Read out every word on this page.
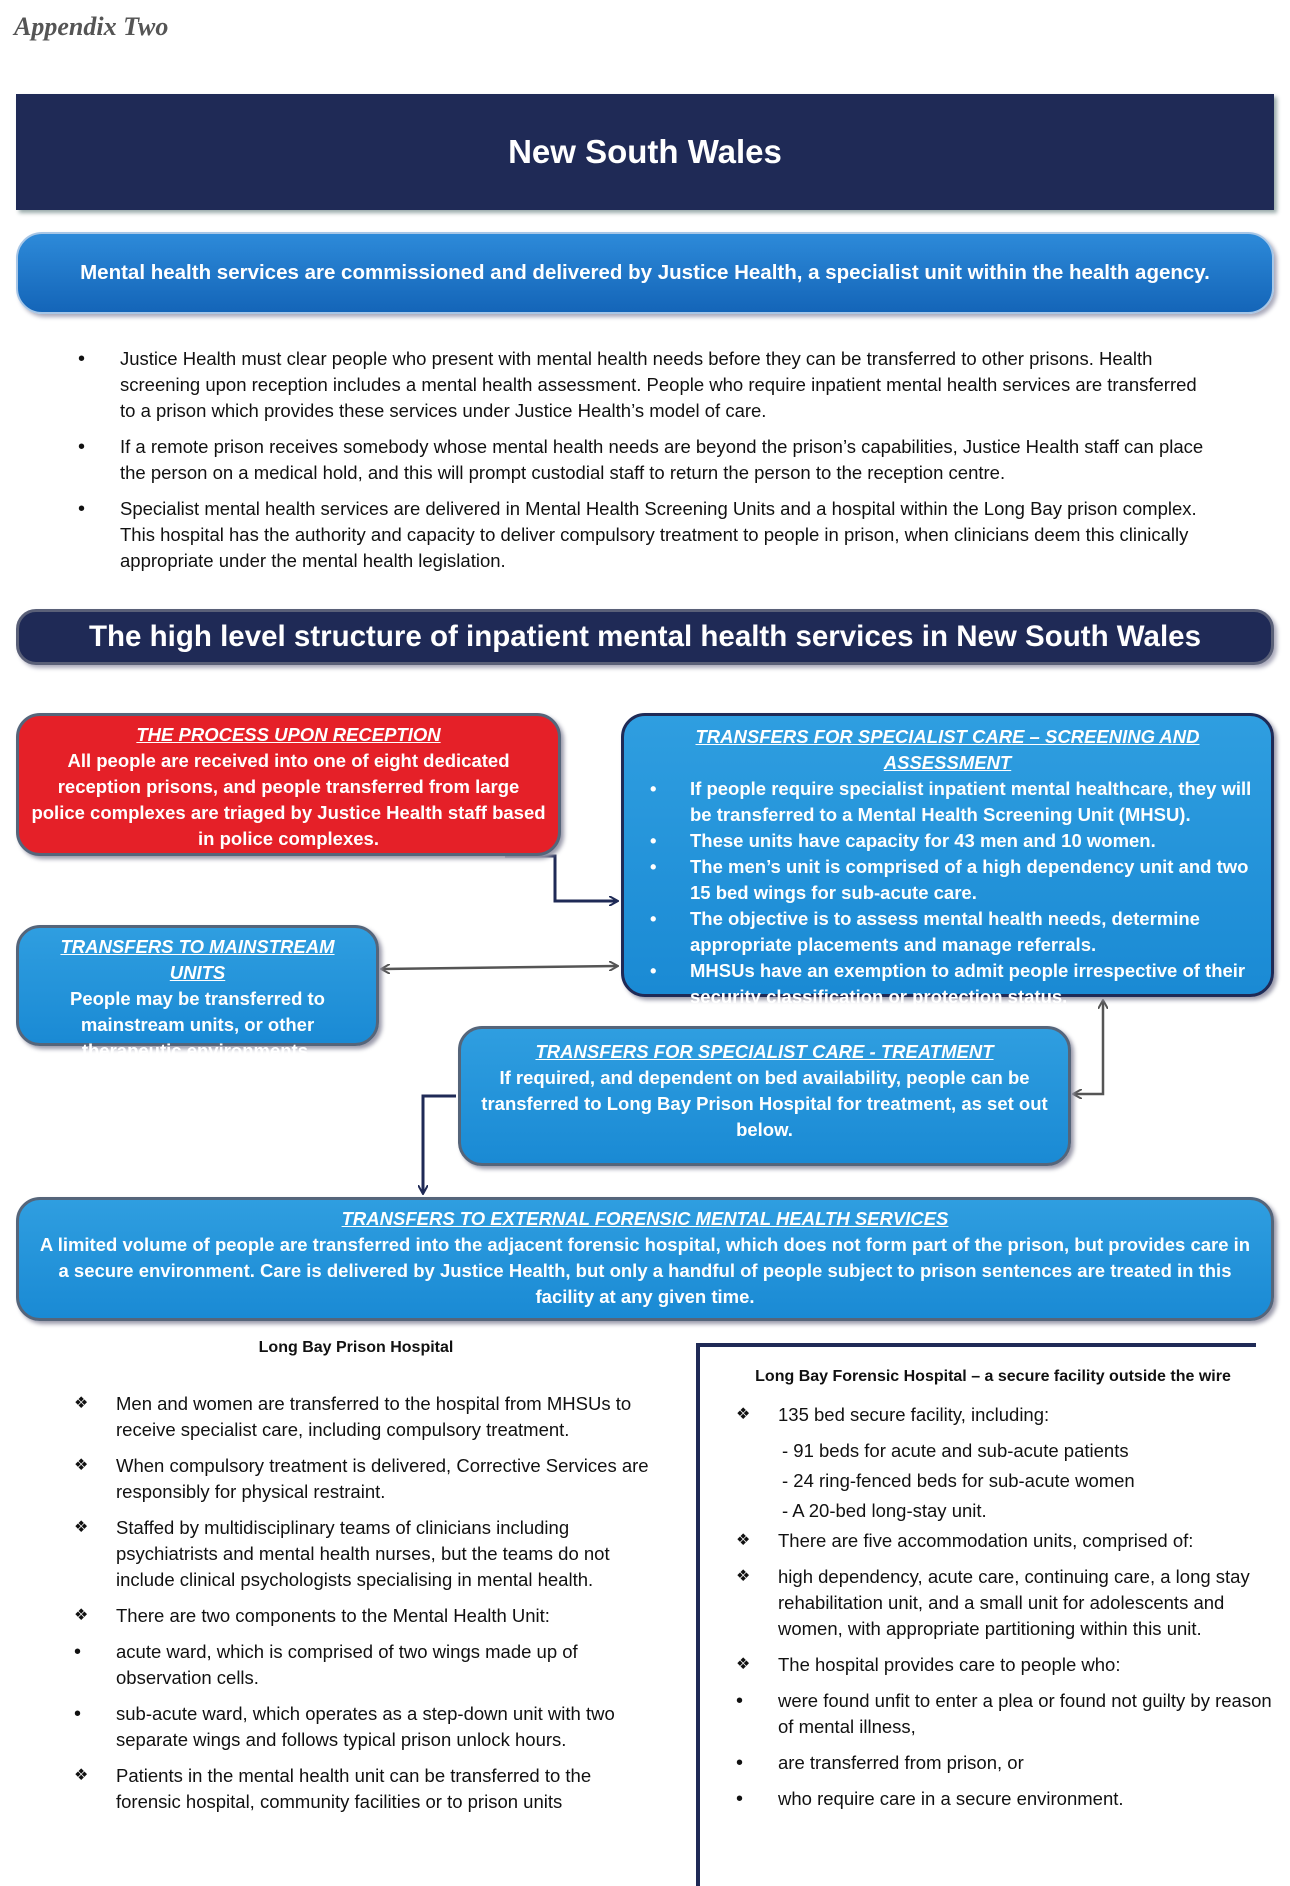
Appendix Two
New South Wales
Mental health services are commissioned and delivered by Justice Health, a specialist unit within the health agency.
• Justice Health must clear people who present with mental health needs before they can be transferred to other prisons. Health screening upon reception includes a mental health assessment. People who require inpatient mental health services are transferred to a prison which provides these services under Justice Health’s model of care.
• If a remote prison receives somebody whose mental health needs are beyond the prison’s capabilities, Justice Health staff can place the person on a medical hold, and this will prompt custodial staff to return the person to the reception centre.
• Specialist mental health services are delivered in Mental Health Screening Units and a hospital within the Long Bay prison complex. This hospital has the authority and capacity to deliver compulsory treatment to people in prison, when clinicians deem this clinically appropriate under the mental health legislation.
The high level structure of inpatient mental health services in New South Wales
THE PROCESS UPON RECEPTION
All people are received into one of eight dedicated reception prisons, and people transferred from large police complexes are triaged by Justice Health staff based in police complexes.
TRANSFERS FOR SPECIALIST CARE – SCREENING AND ASSESSMENT
• If people require specialist inpatient mental healthcare, they will be transferred to a Mental Health Screening Unit (MHSU).
• These units have capacity for 43 men and 10 women.
• The men’s unit is comprised of a high dependency unit and two 15 bed wings for sub-acute care.
• The objective is to assess mental health needs, determine appropriate placements and manage referrals.
• MHSUs have an exemption to admit people irrespective of their security classification or protection status.
TRANSFERS TO MAINSTREAM UNITS
People may be transferred to mainstream units, or other therapeutic environments.	TRANSFERS FOR SPECIALIST CARE - TREATMENT
If required, and dependent on bed availability, people can be transferred to Long Bay Prison Hospital for treatment, as set out below.
TRANSFERS TO EXTERNAL FORENSIC MENTAL HEALTH SERVICES
A limited volume of people are transferred into the adjacent forensic hospital, which does not form part of the prison, but provides care in a secure environment. Care is delivered by Justice Health, but only a handful of people subject to prison sentences are treated in this facility at any given time.
Long Bay Prison Hospital
Long Bay Forensic Hospital – a secure facility outside the wire
❖ Men and women are transferred to the hospital from MHSUs to receive specialist care, including compulsory treatment.
❖ When compulsory treatment is delivered, Corrective Services are responsibly for physical restraint.
❖ Staffed by multidisciplinary teams of clinicians including psychiatrists and mental health nurses, but the teams do not include clinical psychologists specialising in mental health.
❖ There are two components to the Mental Health Unit:
• acute ward, which is comprised of two wings made up of observation cells.
• sub-acute ward, which operates as a step-down unit with two separate wings and follows typical prison unlock hours.
❖ Patients in the mental health unit can be transferred to the forensic hospital, community facilities or to prison units
❖ 135 bed secure facility, including:
- 91 beds for acute and sub-acute patients
- 24 ring-fenced beds for sub-acute women
- A 20-bed long-stay unit.
❖ There are five accommodation units, comprised of:
❖ high dependency, acute care, continuing care, a long stay rehabilitation unit, and a small unit for adolescents and women, with appropriate partitioning within this unit.
❖ The hospital provides care to people who:
• were found unfit to enter a plea or found not guilty by reason of mental illness,
• are transferred from prison, or
• who require care in a secure environment.
